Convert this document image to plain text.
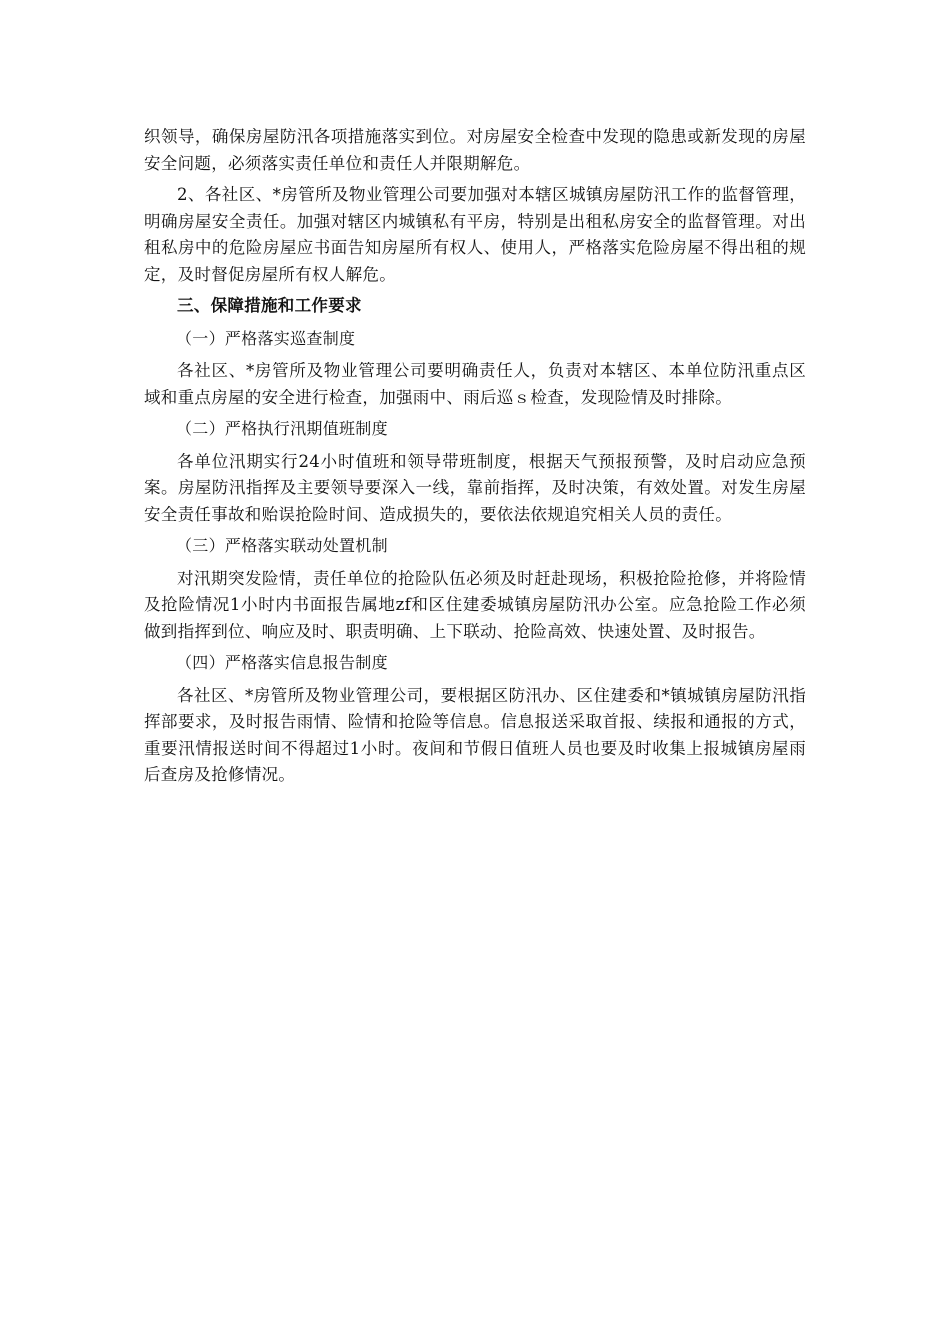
织领导，确保房屋防汛各项措施落实到位。对房屋安全检查中发现的隐患或新发现的房屋安全问题，必须落实责任单位和责任人并限期解危。

2、各社区、*房管所及物业管理公司要加强对本辖区城镇房屋防汛工作的监督管理，明确房屋安全责任。加强对辖区内城镇私有平房，特别是出租私房安全的监督管理。对出租私房中的危险房屋应书面告知房屋所有权人、使用人，严格落实危险房屋不得出租的规定，及时督促房屋所有权人解危。

三、保障措施和工作要求

（一）严格落实巡查制度

各社区、*房管所及物业管理公司要明确责任人，负责对本辖区、本单位防汛重点区域和重点房屋的安全进行检查，加强雨中、雨后巡ｓ检查，发现险情及时排除。

（二）严格执行汛期值班制度

各单位汛期实行24小时值班和领导带班制度，根据天气预报预警，及时启动应急预案。房屋防汛指挥及主要领导要深入一线，靠前指挥，及时决策，有效处置。对发生房屋安全责任事故和贻误抢险时间、造成损失的，要依法依规追究相关人员的责任。

（三）严格落实联动处置机制

对汛期突发险情，责任单位的抢险队伍必须及时赶赴现场，积极抢险抢修，并将险情及抢险情况1小时内书面报告属地zf和区住建委城镇房屋防汛办公室。应急抢险工作必须做到指挥到位、响应及时、职责明确、上下联动、抢险高效、快速处置、及时报告。

（四）严格落实信息报告制度

各社区、*房管所及物业管理公司，要根据区防汛办、区住建委和*镇城镇房屋防汛指挥部要求，及时报告雨情、险情和抢险等信息。信息报送采取首报、续报和通报的方式，重要汛情报送时间不得超过1小时。夜间和节假日值班人员也要及时收集上报城镇房屋雨后查房及抢修情况。
